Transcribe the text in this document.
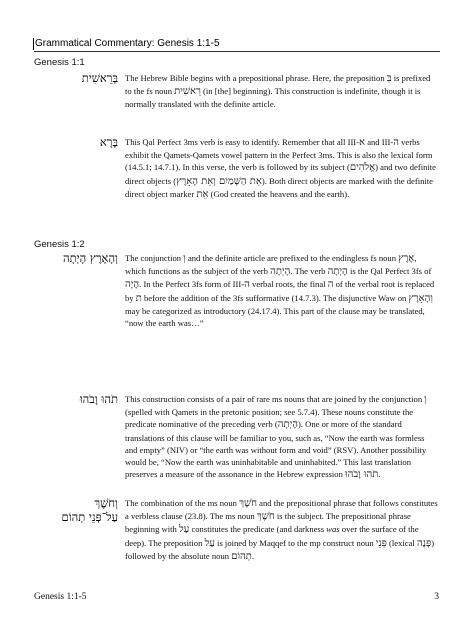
Grammatical Commentary: Genesis 1:1-5
Genesis 1:1
בְּרֵאשִׁית The Hebrew Bible begins with a prepositional phrase. Here, the preposition בְּ is prefixed to the fs noun רֵאשִׁית (in [the] beginning). This construction is indefinite, though it is normally translated with the definite article.
בָּרָא This Qal Perfect 3ms verb is easy to identify. Remember that all III-א and III-ה verbs exhibit the Qamets-Qamets vowel pattern in the Perfect 3ms. This is also the lexical form (14.5.1; 14.7.1). In this verse, the verb is followed by its subject (אֱלֹהִים) and two definite direct objects (אֵת הַשָּׁמַיִם וְאֵת הָאָרֶץ). Both direct objects are marked with the definite direct object marker אֵת (God created the heavens and the earth).
Genesis 1:2
וְהָאָרֶץ הָיְתָה The conjunction וְ and the definite article are prefixed to the endingless fs noun אֶרֶץ, which functions as the subject of the verb הָיְתָה. The verb הָיְתָה is the Qal Perfect 3fs of הָיָה. In the Perfect 3fs form of III-ה verbal roots, the final ה of the verbal root is replaced by ת before the addition of the 3fs sufformative (14.7.3). The disjunctive Waw on וְהָאָרֶץ may be categorized as introductory (24.17.4). This part of the clause may be translated, “now the earth was…”
תֹהוּ וָבֹהוּ This construction consists of a pair of rare ms nouns that are joined by the conjunction וְ (spelled with Qamets in the pretonic position; see 5.7.4). These nouns constitute the predicate nominative of the preceding verb (הָיְתָה). One or more of the standard translations of this clause will be familiar to you, such as, “Now the earth was formless and empty” (NIV) or “the earth was without form and void” (RSV). Another possibility would be, “Now the earth was uninhabitable and uninhabited.” This last translation preserves a measure of the assonance in the Hebrew expression תֹהוּ וָבֹהוּ.
וְחֹשֶׁךְ
עַל־פְּנֵי תְהוֹם
The combination of the ms noun חֹשֶׁךְ and the prepositional phrase that follows constitutes a verbless clause (23.8). The ms noun חֹשֶׁךְ is the subject. The prepositional phrase beginning with עַל constitutes the predicate (and darkness was over the surface of the deep). The preposition עַל is joined by Maqqef to the mp construct noun פְּנֵי (lexical פָּנֶה) followed by the absolute noun תְהוֹם.
Genesis 1:1-5	3
